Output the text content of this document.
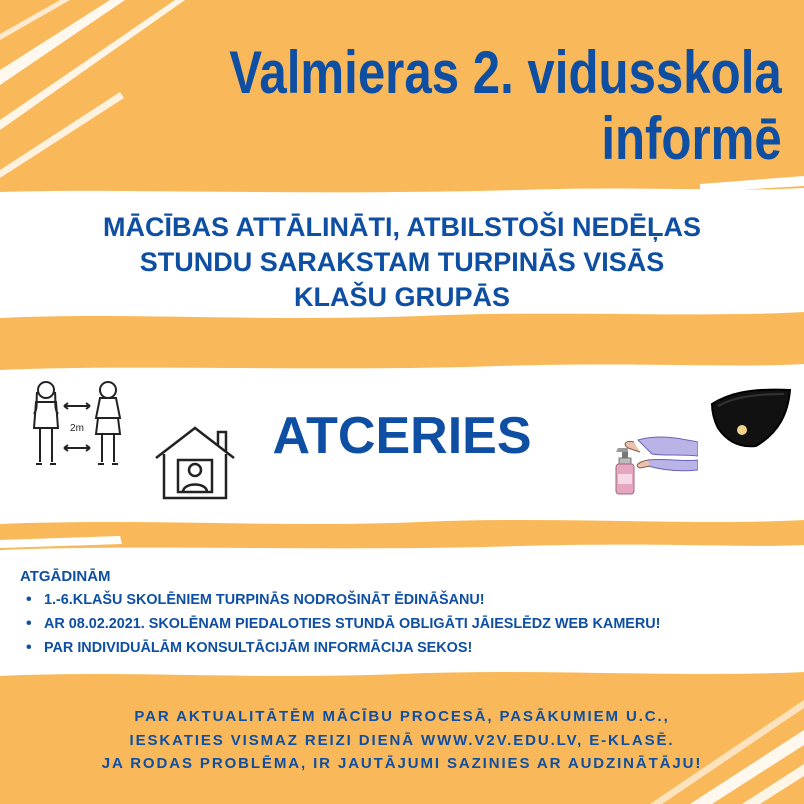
Valmieras 2. vidusskola
informē
MĀCĪBAS ATTĀLINĀTI, ATBILSTOŠI NEDĒĻAS
STUNDU SARAKSTAM TURPINĀS VISĀS
KLAŠU GRUPĀS
2m	ATCERIES
ATGĀDINĀM
• 1.-6.KLAŠU SKOLĒNIEM TURPINĀS NODROŠINĀT ĒDINĀŠANU!
• AR 08.02.2021. SKOLĒNAM PIEDALOTIES STUNDĀ OBLIGĀTI JĀIESLĒDZ WEB KAMERU!
• PAR INDIVIDUĀLĀM KONSULTĀCIJĀM INFORMĀCIJA SEKOS!
PAR AKTUALITĀTĒM MĀCĪBU PROCESĀ, PASĀKUMIEM U.C.,
IESKATIES VISMAZ REIZI DIENĀ WWW.V2V.EDU.LV, E-KLASĒ.
JA RODAS PROBLĒMA, IR JAUTĀJUMI SAZINIES AR AUDZINĀTĀJU!
